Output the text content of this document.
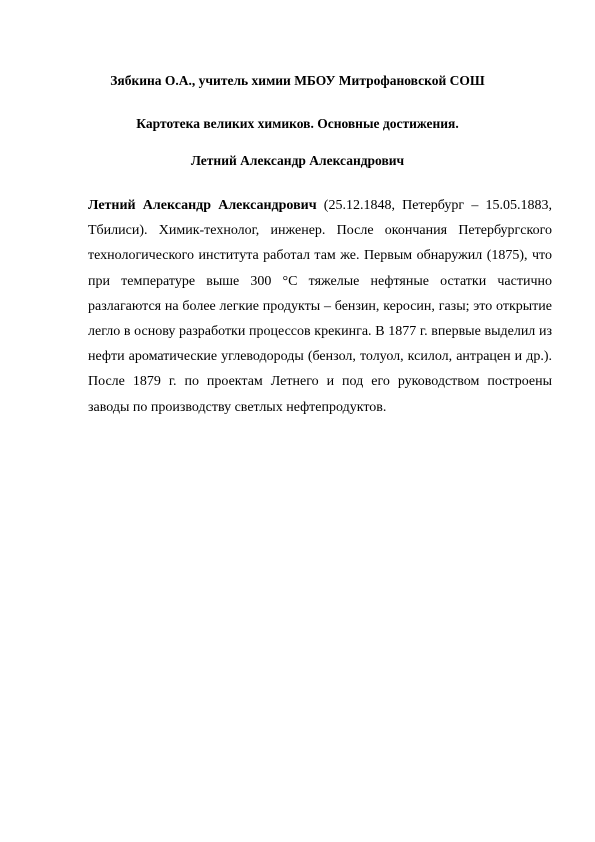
Зябкина О.А., учитель химии МБОУ Митрофановской СОШ
Картотека великих химиков. Основные достижения.
Летний Александр Александрович

Летний Александр Александрович (25.12.1848, Петербург – 15.05.1883, Тбилиси). Химик-технолог, инженер. После окончания Петербургского технологического института работал там же. Первым обнаружил (1875), что при температуре выше 300 °С тяжелые нефтяные остатки частично разлагаются на более легкие продукты – бензин, керосин, газы; это открытие легло в основу разработки процессов крекинга. В 1877 г. впервые выделил из нефти ароматические углеводороды (бензол, толуол, ксилол, антрацен и др.). После 1879 г. по проектам Летнего и под его руководством построены заводы по производству светлых нефтепродуктов.
